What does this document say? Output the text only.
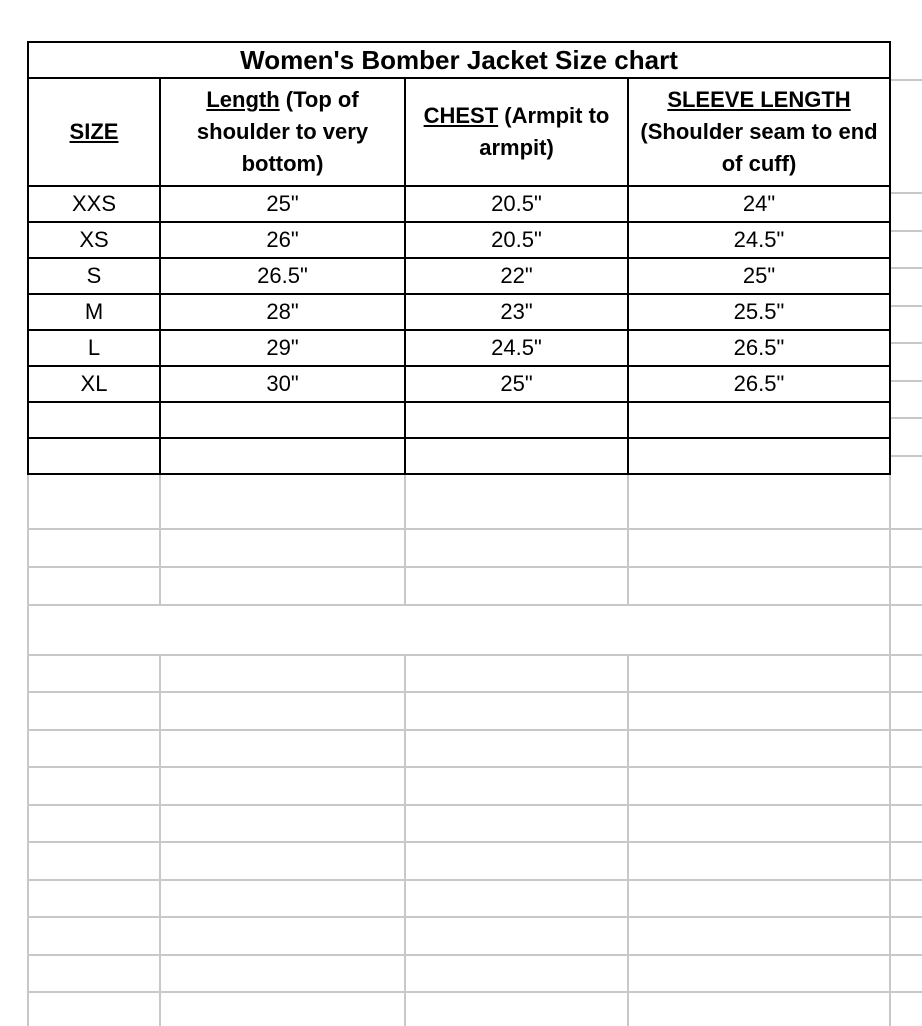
Women's Bomber Jacket Size chart			
SIZE	Length (Top of shoulder to very bottom)	CHEST (Armpit to armpit)	SLEEVE LENGTH (Shoulder seam to end of cuff)
XXS	25"	20.5"	24"
XS	26"	20.5"	24.5"
S	26.5"	22"	25"
M	28"	23"	25.5"
L	29"	24.5"	26.5"
XL	30"	25"	26.5"
